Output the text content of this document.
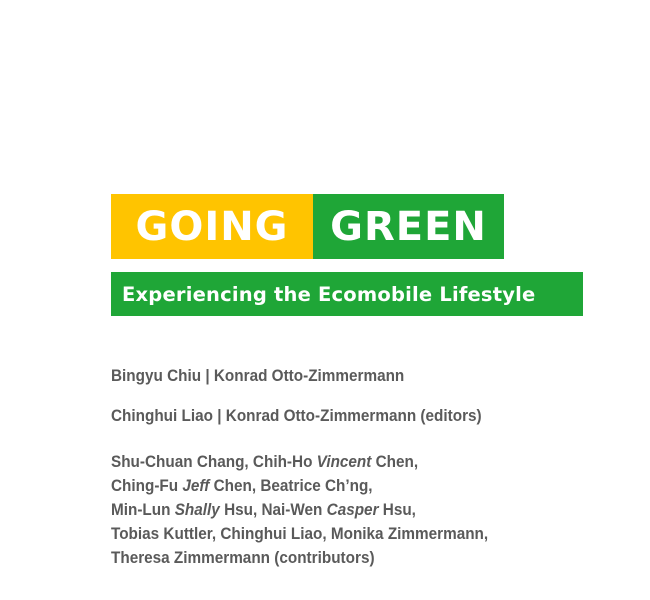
GOING	GREEN
Experiencing the Ecomobile Lifestyle
Bingyu Chiu | Konrad Otto-Zimmermann
Chinghui Liao | Konrad Otto-Zimmermann (editors)
Shu-Chuan Chang, Chih-Ho Vincent Chen,
Ching-Fu Jeff Chen, Beatrice Ch’ng,
Min-Lun Shally Hsu, Nai-Wen Casper Hsu,
Tobias Kuttler, Chinghui Liao, Monika Zimmermann,
Theresa Zimmermann (contributors)
